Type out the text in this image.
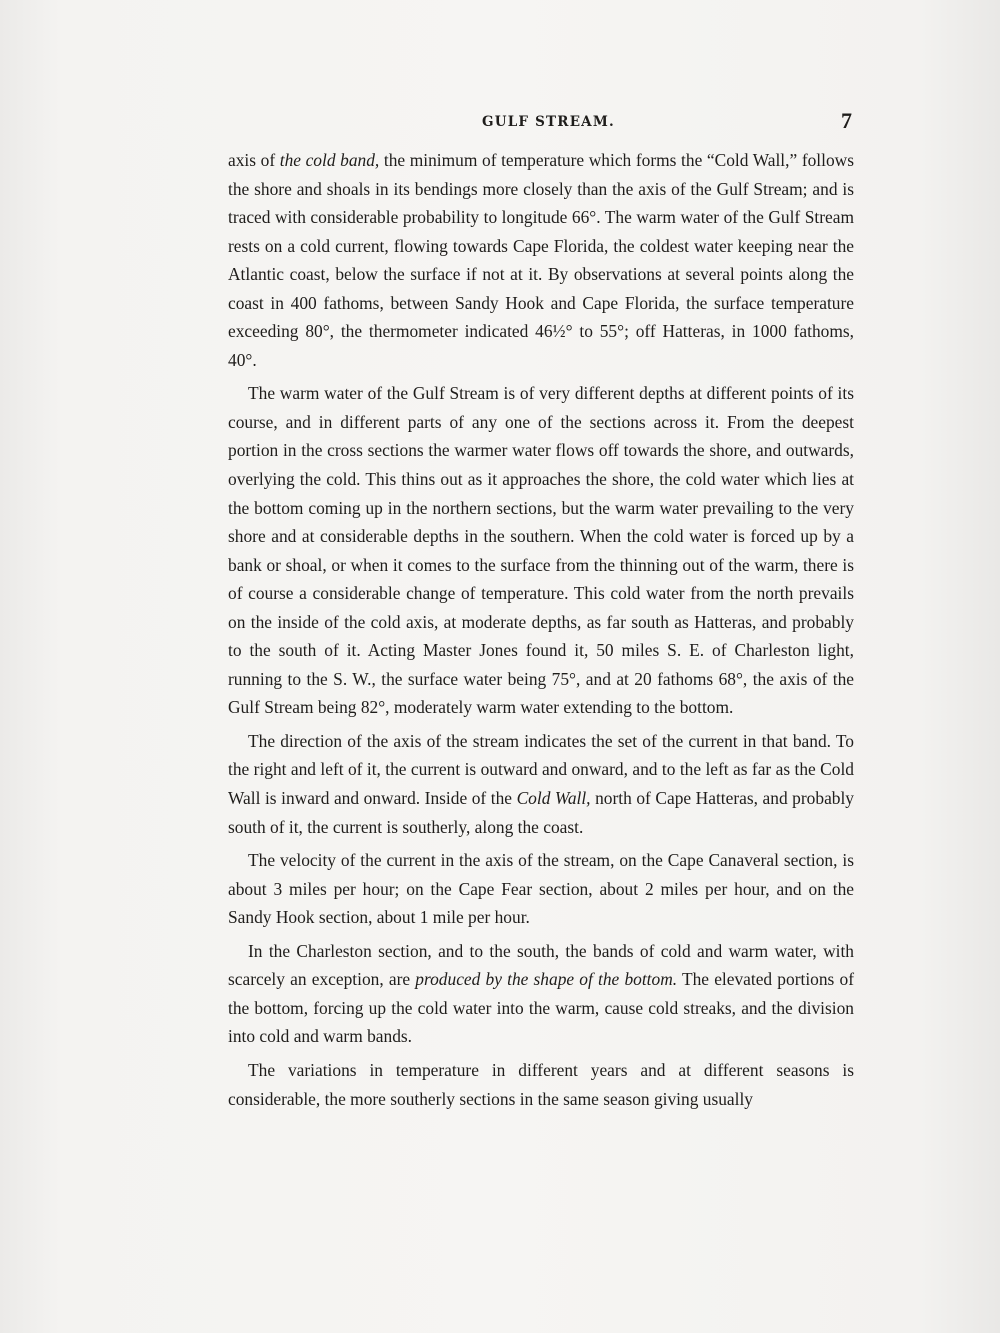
GULF STREAM.	7

axis of the cold band, the minimum of temperature which forms the “Cold Wall,” follows the shore and shoals in its bendings more closely than the axis of the Gulf Stream; and is traced with considerable probability to longitude 66°. The warm water of the Gulf Stream rests on a cold current, flowing towards Cape Florida, the coldest water keeping near the Atlantic coast, below the surface if not at it. By observations at several points along the coast in 400 fathoms, between Sandy Hook and Cape Florida, the surface temperature exceeding 80°, the thermometer indicated 46½° to 55°; off Hatteras, in 1000 fathoms, 40°.

The warm water of the Gulf Stream is of very different depths at different points of its course, and in different parts of any one of the sections across it. From the deepest portion in the cross sections the warmer water flows off towards the shore, and outwards, overlying the cold. This thins out as it approaches the shore, the cold water which lies at the bottom coming up in the northern sections, but the warm water prevailing to the very shore and at considerable depths in the southern. When the cold water is forced up by a bank or shoal, or when it comes to the surface from the thinning out of the warm, there is of course a considerable change of temperature. This cold water from the north prevails on the inside of the cold axis, at moderate depths, as far south as Hatteras, and probably to the south of it. Acting Master Jones found it, 50 miles S. E. of Charleston light, running to the S. W., the surface water being 75°, and at 20 fathoms 68°, the axis of the Gulf Stream being 82°, moderately warm water extending to the bottom.

The direction of the axis of the stream indicates the set of the current in that band. To the right and left of it, the current is outward and onward, and to the left as far as the Cold Wall is inward and onward. Inside of the Cold Wall, north of Cape Hatteras, and probably south of it, the current is southerly, along the coast.

The velocity of the current in the axis of the stream, on the Cape Canaveral section, is about 3 miles per hour; on the Cape Fear section, about 2 miles per hour, and on the Sandy Hook section, about 1 mile per hour.

In the Charleston section, and to the south, the bands of cold and warm water, with scarcely an exception, are produced by the shape of the bottom. The elevated portions of the bottom, forcing up the cold water into the warm, cause cold streaks, and the division into cold and warm bands.

The variations in temperature in different years and at different seasons is considerable, the more southerly sections in the same season giving usually
